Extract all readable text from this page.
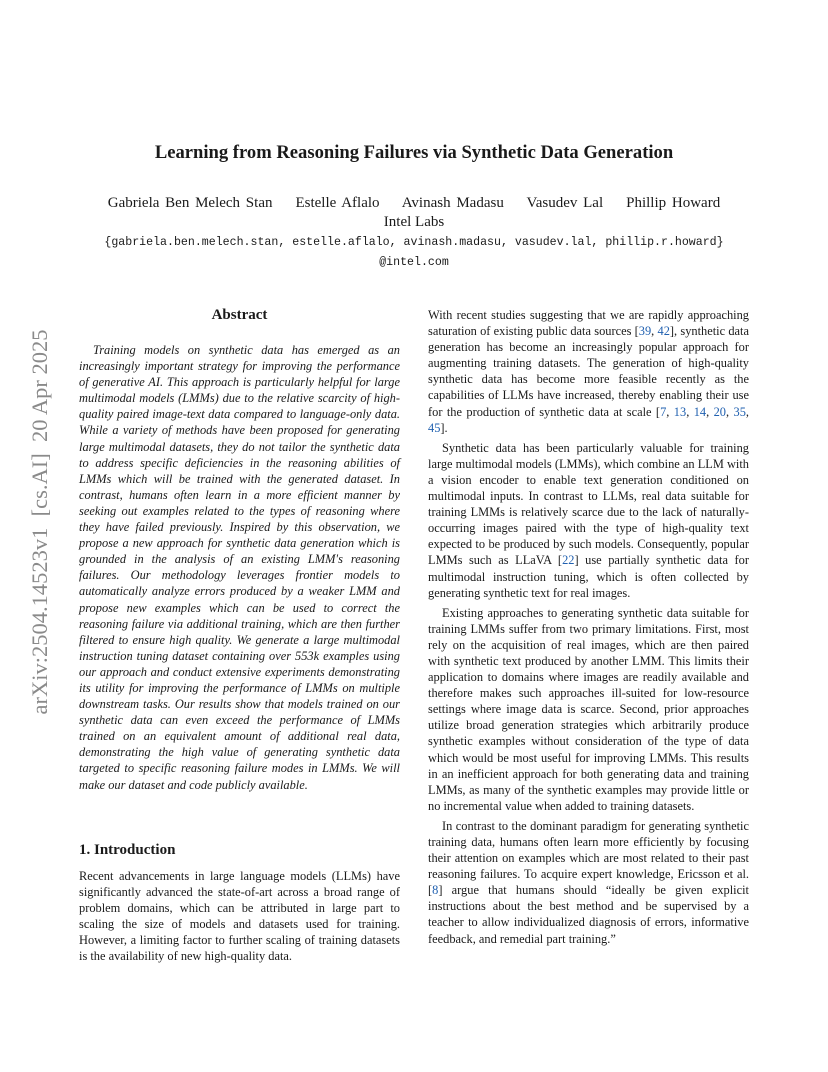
Learning from Reasoning Failures via Synthetic Data Generation
Gabriela Ben Melech Stan    Estelle Aflalo    Avinash Madasu    Vasudev Lal    Phillip Howard
Intel Labs
{gabriela.ben.melech.stan, estelle.aflalo, avinash.madasu, vasudev.lal, phillip.r.howard}
@intel.com
arXiv:2504.14523v1  [cs.AI]  20 Apr 2025
Abstract

Training models on synthetic data has emerged as an increasingly important strategy for improving the performance of generative AI. This approach is particularly helpful for large multimodal models (LMMs) due to the relative scarcity of high-quality paired image-text data compared to language-only data. While a variety of methods have been proposed for generating large multimodal datasets, they do not tailor the synthetic data to address specific deficiencies in the reasoning abilities of LMMs which will be trained with the generated dataset. In contrast, humans often learn in a more efficient manner by seeking out examples related to the types of reasoning where they have failed previously. Inspired by this observation, we propose a new approach for synthetic data generation which is grounded in the analysis of an existing LMM's reasoning failures. Our methodology leverages frontier models to automatically analyze errors produced by a weaker LMM and propose new examples which can be used to correct the reasoning failure via additional training, which are then further filtered to ensure high quality. We generate a large multimodal instruction tuning dataset containing over 553k examples using our approach and conduct extensive experiments demonstrating its utility for improving the performance of LMMs on multiple downstream tasks. Our results show that models trained on our synthetic data can even exceed the performance of LMMs trained on an equivalent amount of additional real data, demonstrating the high value of generating synthetic data targeted to specific reasoning failure modes in LMMs. We will make our dataset and code publicly available.

1. Introduction

Recent advancements in large language models (LLMs) have significantly advanced the state-of-art across a broad range of problem domains, which can be attributed in large part to scaling the size of models and datasets used for training. However, a limiting factor to further scaling of training datasets is the availability of new high-quality data.

With recent studies suggesting that we are rapidly approaching saturation of existing public data sources [39, 42], synthetic data generation has become an increasingly popular approach for augmenting training datasets. The generation of high-quality synthetic data has become more feasible recently as the capabilities of LLMs have increased, thereby enabling their use for the production of synthetic data at scale [7, 13, 14, 20, 35, 45].

Synthetic data has been particularly valuable for training large multimodal models (LMMs), which combine an LLM with a vision encoder to enable text generation conditioned on multimodal inputs. In contrast to LLMs, real data suitable for training LMMs is relatively scarce due to the lack of naturally-occurring images paired with the type of high-quality text expected to be produced by such models. Consequently, popular LMMs such as LLaVA [22] use partially synthetic data for multimodal instruction tuning, which is often collected by generating synthetic text for real images.

Existing approaches to generating synthetic data suitable for training LMMs suffer from two primary limitations. First, most rely on the acquisition of real images, which are then paired with synthetic text produced by another LMM. This limits their application to domains where images are readily available and therefore makes such approaches ill-suited for low-resource settings where image data is scarce. Second, prior approaches utilize broad generation strategies which arbitrarily produce synthetic examples without consideration of the type of data which would be most useful for improving LMMs. This results in an inefficient approach for both generating data and training LMMs, as many of the synthetic examples may provide little or no incremental value when added to training datasets.

In contrast to the dominant paradigm for generating synthetic training data, humans often learn more efficiently by focusing their attention on examples which are most related to their past reasoning failures. To acquire expert knowledge, Ericsson et al. [8] argue that humans should “ideally be given explicit instructions about the best method and be supervised by a teacher to allow individualized diagnosis of errors, informative feedback, and remedial part training.”
